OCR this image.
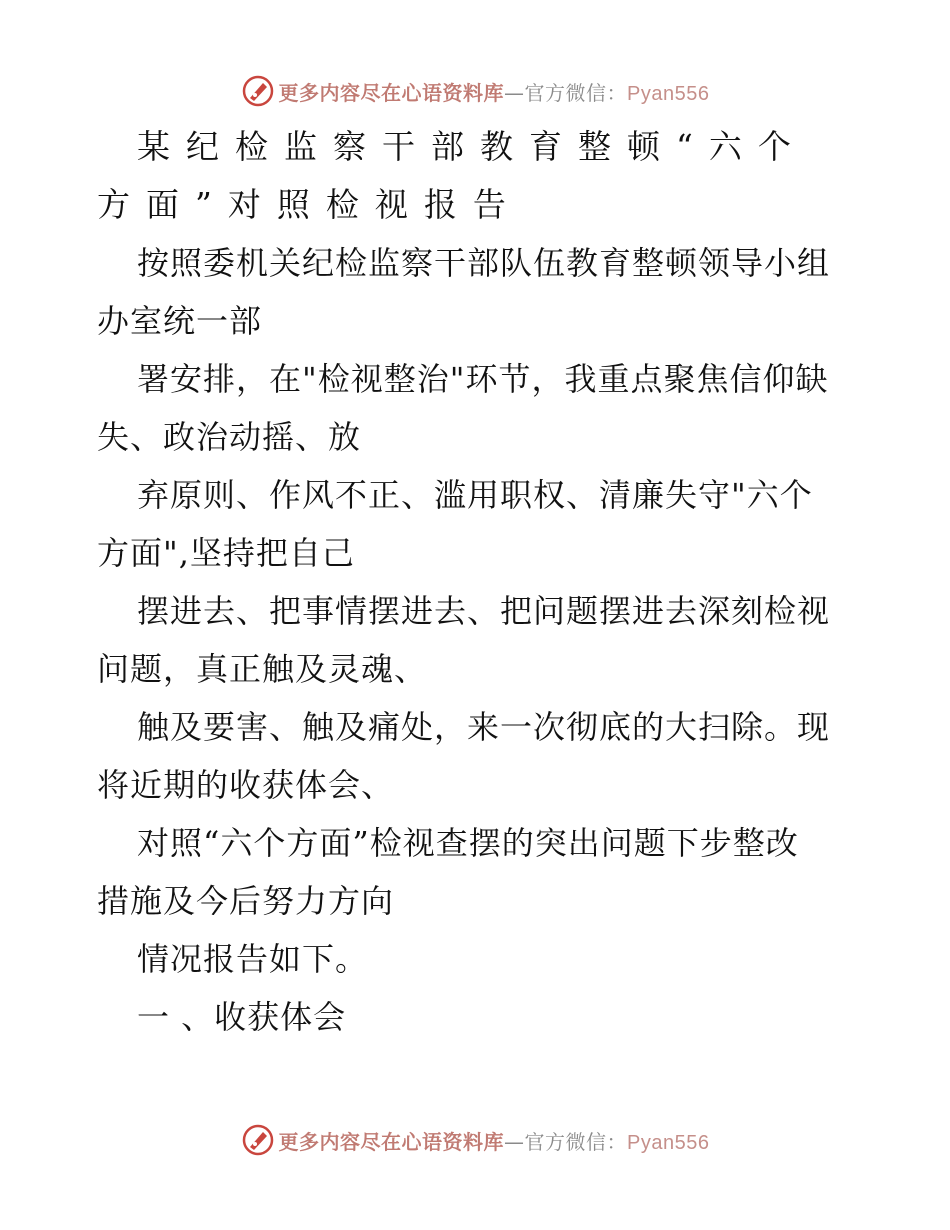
更多内容尽在心语资料库—官方微信：Pyan556

某纪检监察干部教育整顿“六个

方面”对照检视报告

按照委机关纪检监察干部队伍教育整顿领导小组

办室统一部

署安排，在"检视整治"环节，我重点聚焦信仰缺

失、政治动摇、放

弃原则、作风不正、滥用职权、清廉失守"六个

方面",坚持把自己

摆进去、把事情摆进去、把问题摆进去深刻检视

问题，真正触及灵魂、

触及要害、触及痛处，来一次彻底的大扫除。现

将近期的收获体会、

对照“六个方面”检视查摆的突出问题下步整改

措施及今后努力方向

情况报告如下。

一 、收获体会

更多内容尽在心语资料库—官方微信：Pyan556
